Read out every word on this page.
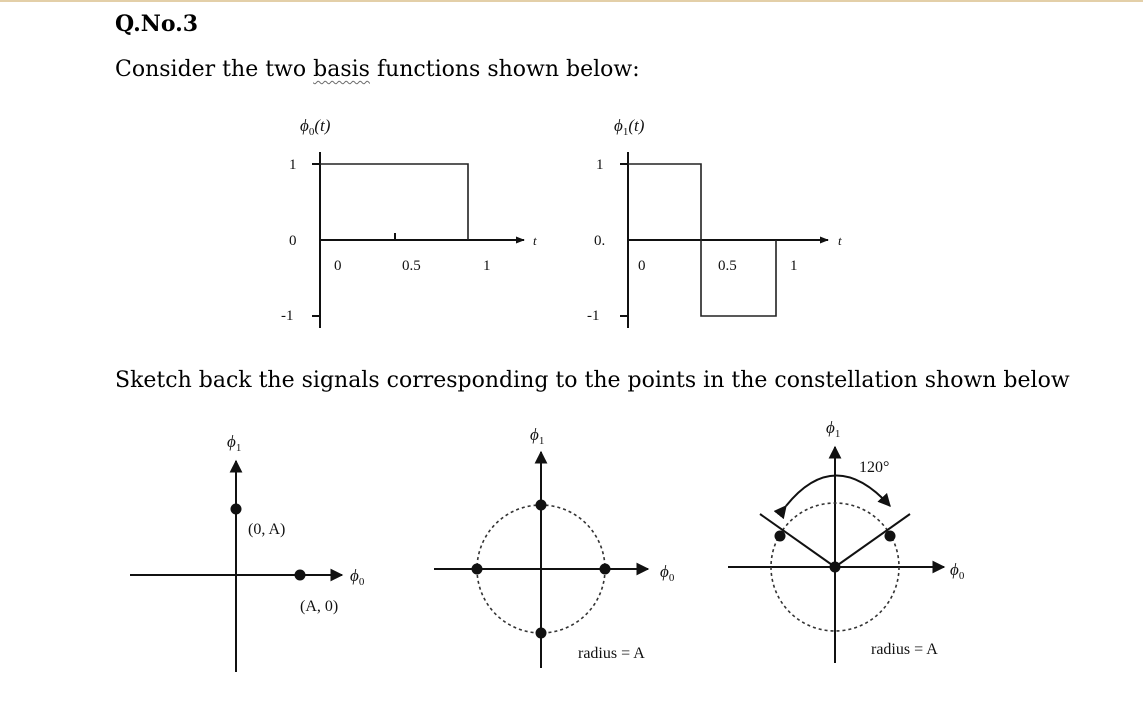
Q.No.3
Consider the two basis functions shown below:
Sketch back the signals corresponding to the points in the constellation shown below
$\phi_0(t)$
1
0
-1
0	0.5	1
t
$\phi_1(t)$
1
0.
-1
0	0.5	1
t
$\phi_1$
(0, A)
(A, 0)
$\phi_0$
$\phi_1$
$\phi_0$
radius = A
$\phi_1$
120°
$\phi_0$
radius = A
